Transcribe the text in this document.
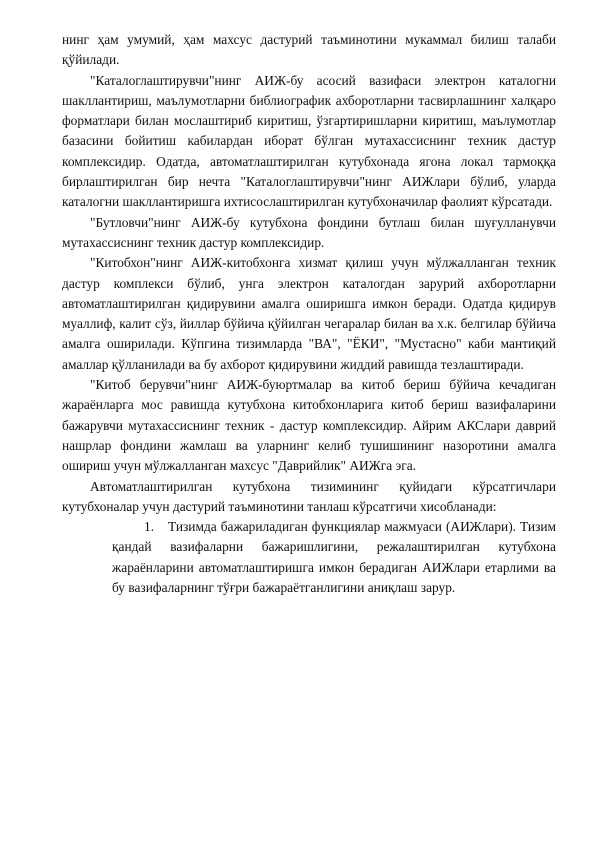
нинг ҳам умумий, ҳам махсус дастурий таъминотини мукаммал билиш талаби қўйилади.

"Каталоглаштирувчи"нинг АИЖ-бу асосий вазифаси электрон каталогни шакллантириш, маълумотларни библиографик ахборотларни тасвирлашнинг халқаро форматлари билан мослаштириб киритиш, ўзгартиришларни киритиш, маълумотлар базасини бойитиш кабилардан иборат бўлган мутахассиснинг техник дастур комплексидир. Одатда, автоматлаштирилган кутубхонада ягона локал тармоққа бирлаштирилган бир нечта "Каталоглаштирувчи"нинг АИЖлари бўлиб, уларда каталогни шакллантиришга ихтисослаштирилган кутубхоначилар фаолият кўрсатади.

"Бутловчи"нинг АИЖ-бу кутубхона фондини бутлаш билан шуғулланувчи мутахассиснинг техник дастур комплексидир.

"Китобхон"нинг АИЖ-китобхонга хизмат қилиш учун мўлжалланган техник дастур комплекси бўлиб, унга электрон каталогдан зарурий ахборотларни автоматлаштирилган қидирувини амалга оширишга имкон беради. Одатда қидирув муаллиф, калит сўз, йиллар бўйича қўйилган чегаралар билан ва х.к. белгилар бўйича амалга оширилади. Кўпгина тизимларда "ВА", "ЁКИ", "Мустасно" каби мантиқий амаллар қўлланилади ва бу ахборот қидирувини жиддий равишда тезлаштиради.

"Китоб берувчи"нинг АИЖ-буюртмалар ва китоб бериш бўйича кечадиган жараёнларга мос равишда кутубхона китобхонларига китоб бериш вазифаларини бажарувчи мутахассиснинг техник - дастур комплексидир. Айрим АКСлари даврий нашрлар фондини жамлаш ва уларнинг келиб тушишининг назоротини амалга ошириш учун мўлжалланган махсус "Даврийлик" АИЖга эга.

Автоматлаштирилган кутубхона тизимининг қуйидаги кўрсатгичлари кутубхоналар учун дастурий таъминотини танлаш кўрсатгичи хисобланади:

1. Тизимда бажариладиган функциялар мажмуаси (АИЖлари). Тизим қандай вазифаларни бажаришлигини, режалаштирилган кутубхона жараёнларини автоматлаштиришга имкон берадиган АИЖлари етарлими ва бу вазифаларнинг тўғри бажараётганлигини аниқлаш зарур.
